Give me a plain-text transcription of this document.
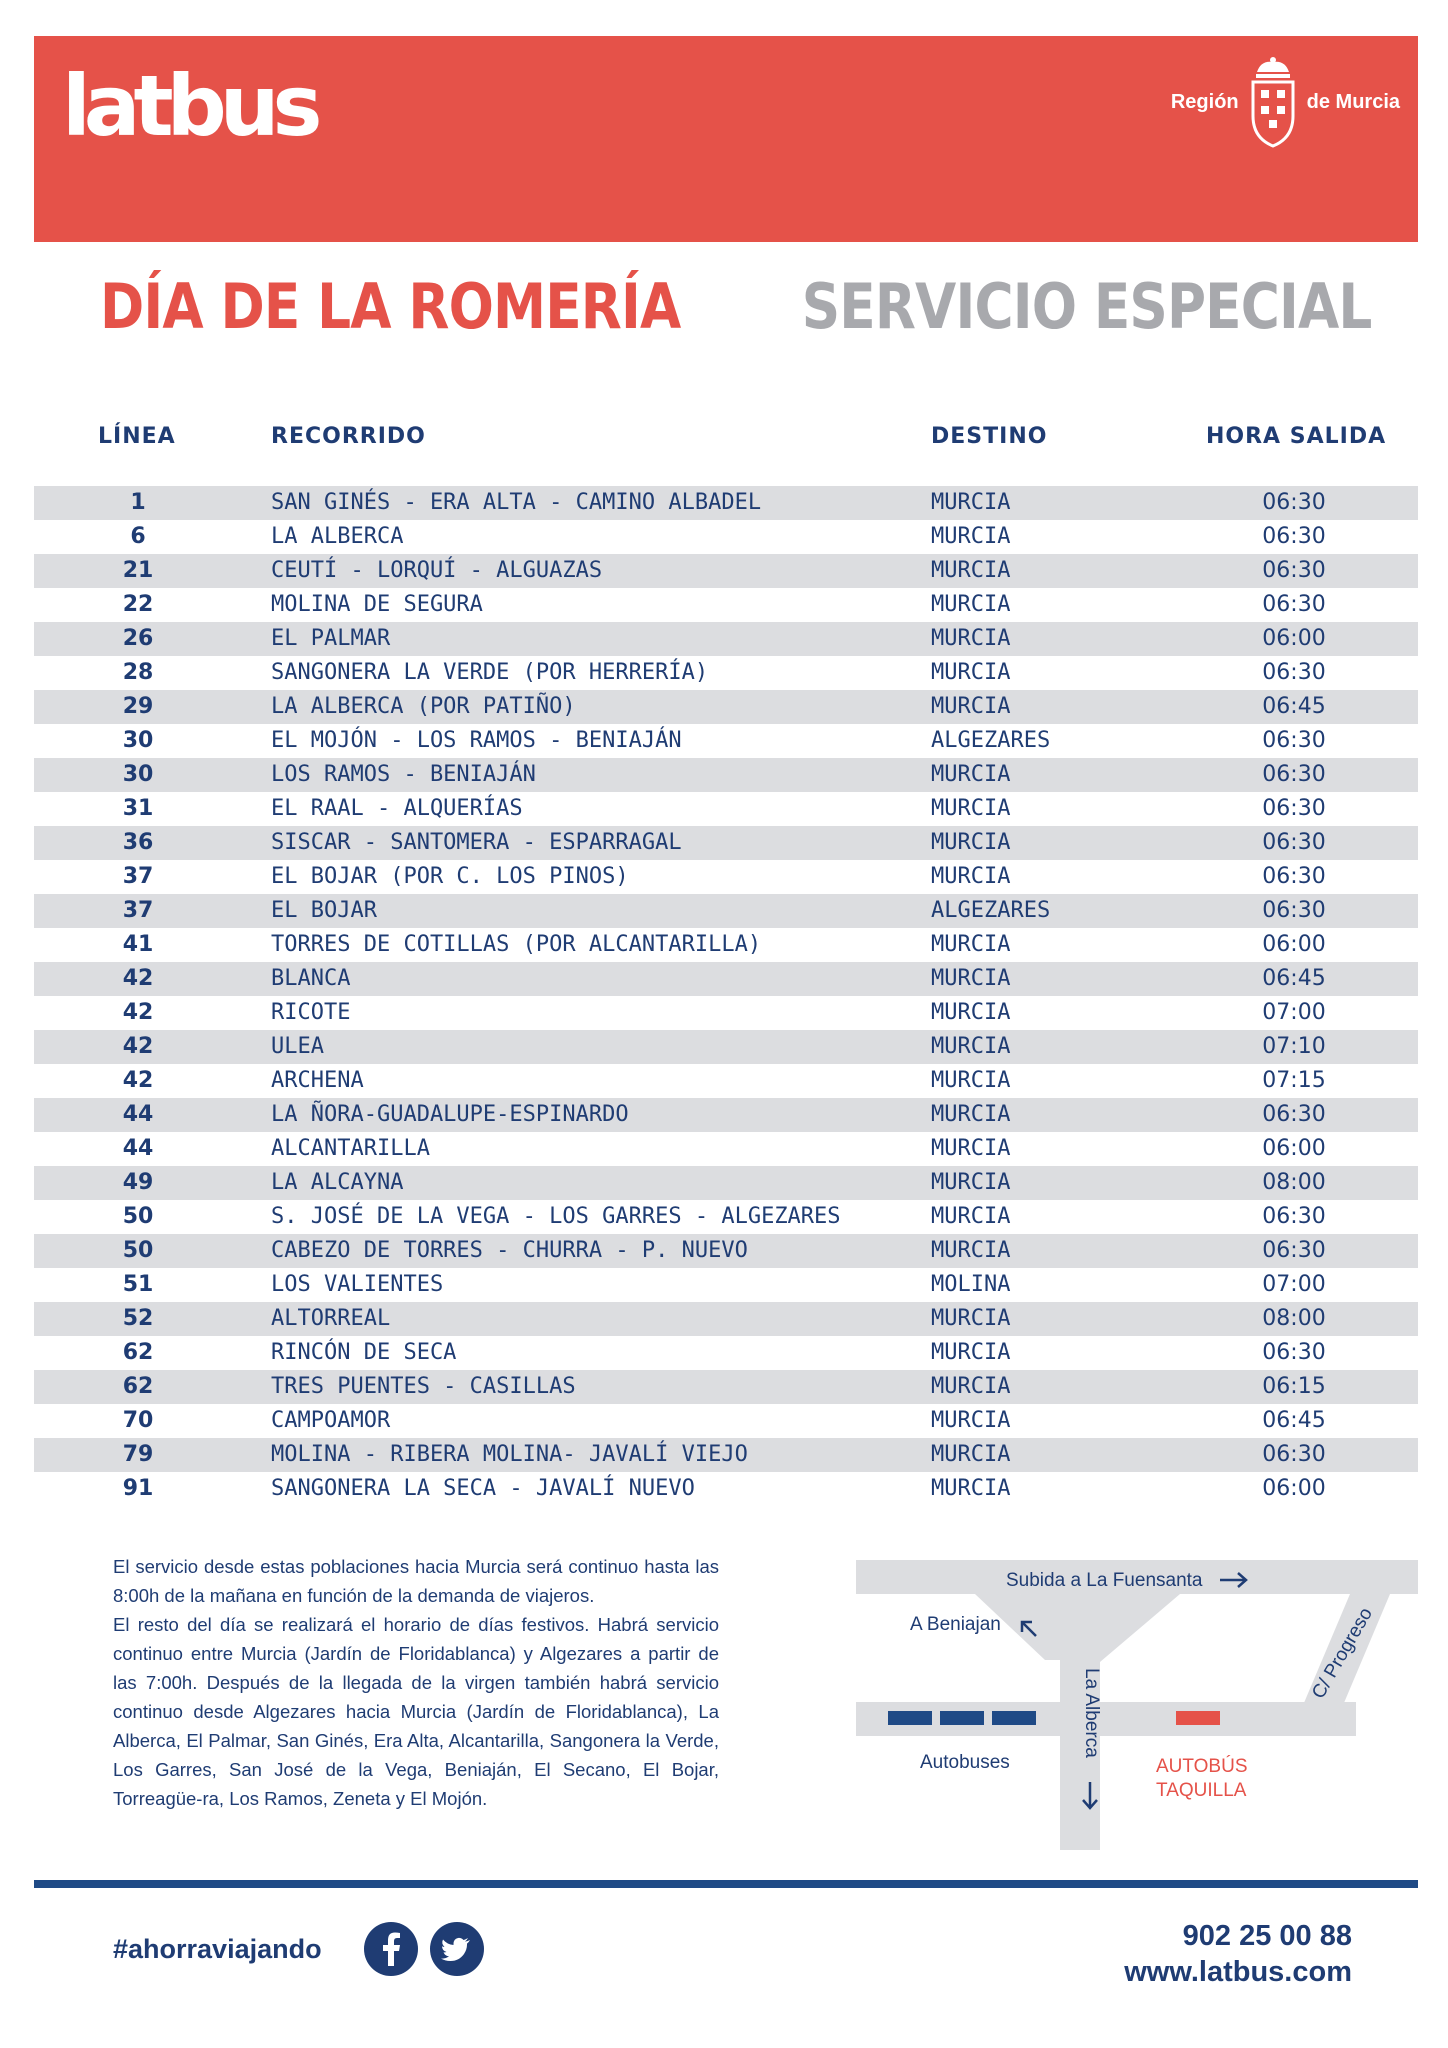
latbus	Región	de Murcia
DÍA DE LA ROMERÍA SERVICIO ESPECIAL
LÍNEA	RECORRIDO	DESTINO	HORA SALIDA
1	SAN GINÉS - ERA ALTA - CAMINO ALBADEL	MURCIA	06:30
6	LA ALBERCA	MURCIA	06:30
21	CEUTÍ - LORQUÍ - ALGUAZAS	MURCIA	06:30
22	MOLINA DE SEGURA	MURCIA	06:30
26	EL PALMAR	MURCIA	06:00
28	SANGONERA LA VERDE (POR HERRERÍA)	MURCIA	06:30
29	LA ALBERCA (POR PATIÑO)	MURCIA	06:45
30	EL MOJÓN - LOS RAMOS - BENIAJÁN	ALGEZARES	06:30
30	LOS RAMOS - BENIAJÁN	MURCIA	06:30
31	EL RAAL - ALQUERÍAS	MURCIA	06:30
36	SISCAR - SANTOMERA - ESPARRAGAL	MURCIA	06:30
37	EL BOJAR (POR C. LOS PINOS)	MURCIA	06:30
37	EL BOJAR	ALGEZARES	06:30
41	TORRES DE COTILLAS (POR ALCANTARILLA)	MURCIA	06:00
42	BLANCA	MURCIA	06:45
42	RICOTE	MURCIA	07:00
42	ULEA	MURCIA	07:10
42	ARCHENA	MURCIA	07:15
44	LA ÑORA-GUADALUPE-ESPINARDO	MURCIA	06:30
44	ALCANTARILLA	MURCIA	06:00
49	LA ALCAYNA	MURCIA	08:00
50	S. JOSÉ DE LA VEGA - LOS GARRES - ALGEZARES	MURCIA	06:30
50	CABEZO DE TORRES - CHURRA - P. NUEVO	MURCIA	06:30
51	LOS VALIENTES	MOLINA	07:00
52	ALTORREAL	MURCIA	08:00
62	RINCÓN DE SECA	MURCIA	06:30
62	TRES PUENTES - CASILLAS	MURCIA	06:15
70	CAMPOAMOR	MURCIA	06:45
79	MOLINA - RIBERA MOLINA- JAVALÍ VIEJO	MURCIA	06:30
91	SANGONERA LA SECA - JAVALÍ NUEVO	MURCIA	06:00

El servicio desde estas poblaciones hacia Murcia será continuo hasta las 8:00h de la mañana en función de la demanda de viajeros.

El resto del día se realizará el horario de días festivos. Habrá servicio continuo entre Murcia (Jardín de Floridablanca) y Algezares a partir de las 7:00h. Después de la llegada de la virgen también habrá servicio continuo desde Algezares hacia Murcia (Jardín de Floridablanca), La Alberca, El Palmar, San Ginés, Era Alta, Alcantarilla, Sangonera la Verde, Los Garres, San José de la Vega, Beniaján, El Secano, El Bojar, Torreagüe-ra, Los Ramos, Zeneta y El Mojón.

Subida a La Fuensanta
A Beniajan	C/ Progreso
La Alberca
Autobuses	AUTOBÚS
TAQUILLA
#ahorraviajando	902 25 00 88
www.latbus.com
